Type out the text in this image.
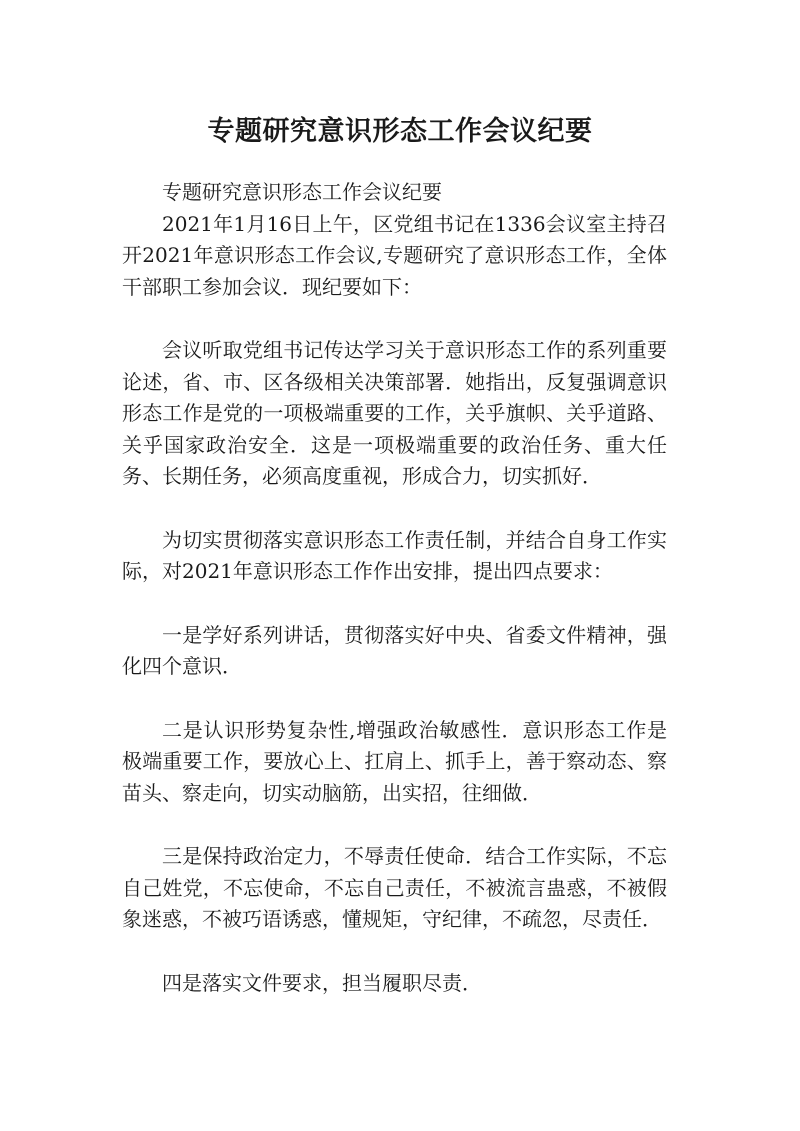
专题研究意识形态工作会议纪要

专题研究意识形态工作会议纪要

2021年1月16日上午，区党组书记在1336会议室主持召开2021年意识形态工作会议,专题研究了意识形态工作，全体干部职工参加会议．现纪要如下：

会议听取党组书记传达学习关于意识形态工作的系列重要论述，省、市、区各级相关决策部署．她指出，反复强调意识形态工作是党的一项极端重要的工作，关乎旗帜、关乎道路、关乎国家政治安全．这是一项极端重要的政治任务、重大任务、长期任务，必须高度重视，形成合力，切实抓好．

为切实贯彻落实意识形态工作责任制，并结合自身工作实际，对2021年意识形态工作作出安排，提出四点要求：

一是学好系列讲话，贯彻落实好中央、省委文件精神，强化四个意识．

二是认识形势复杂性,增强政治敏感性．意识形态工作是极端重要工作，要放心上、扛肩上、抓手上，善于察动态、察苗头、察走向，切实动脑筋，出实招，往细做．

三是保持政治定力，不辱责任使命．结合工作实际，不忘自己姓党，不忘使命，不忘自己责任，不被流言蛊惑，不被假象迷惑，不被巧语诱惑，懂规矩，守纪律，不疏忽，尽责任．

四是落实文件要求，担当履职尽责．
